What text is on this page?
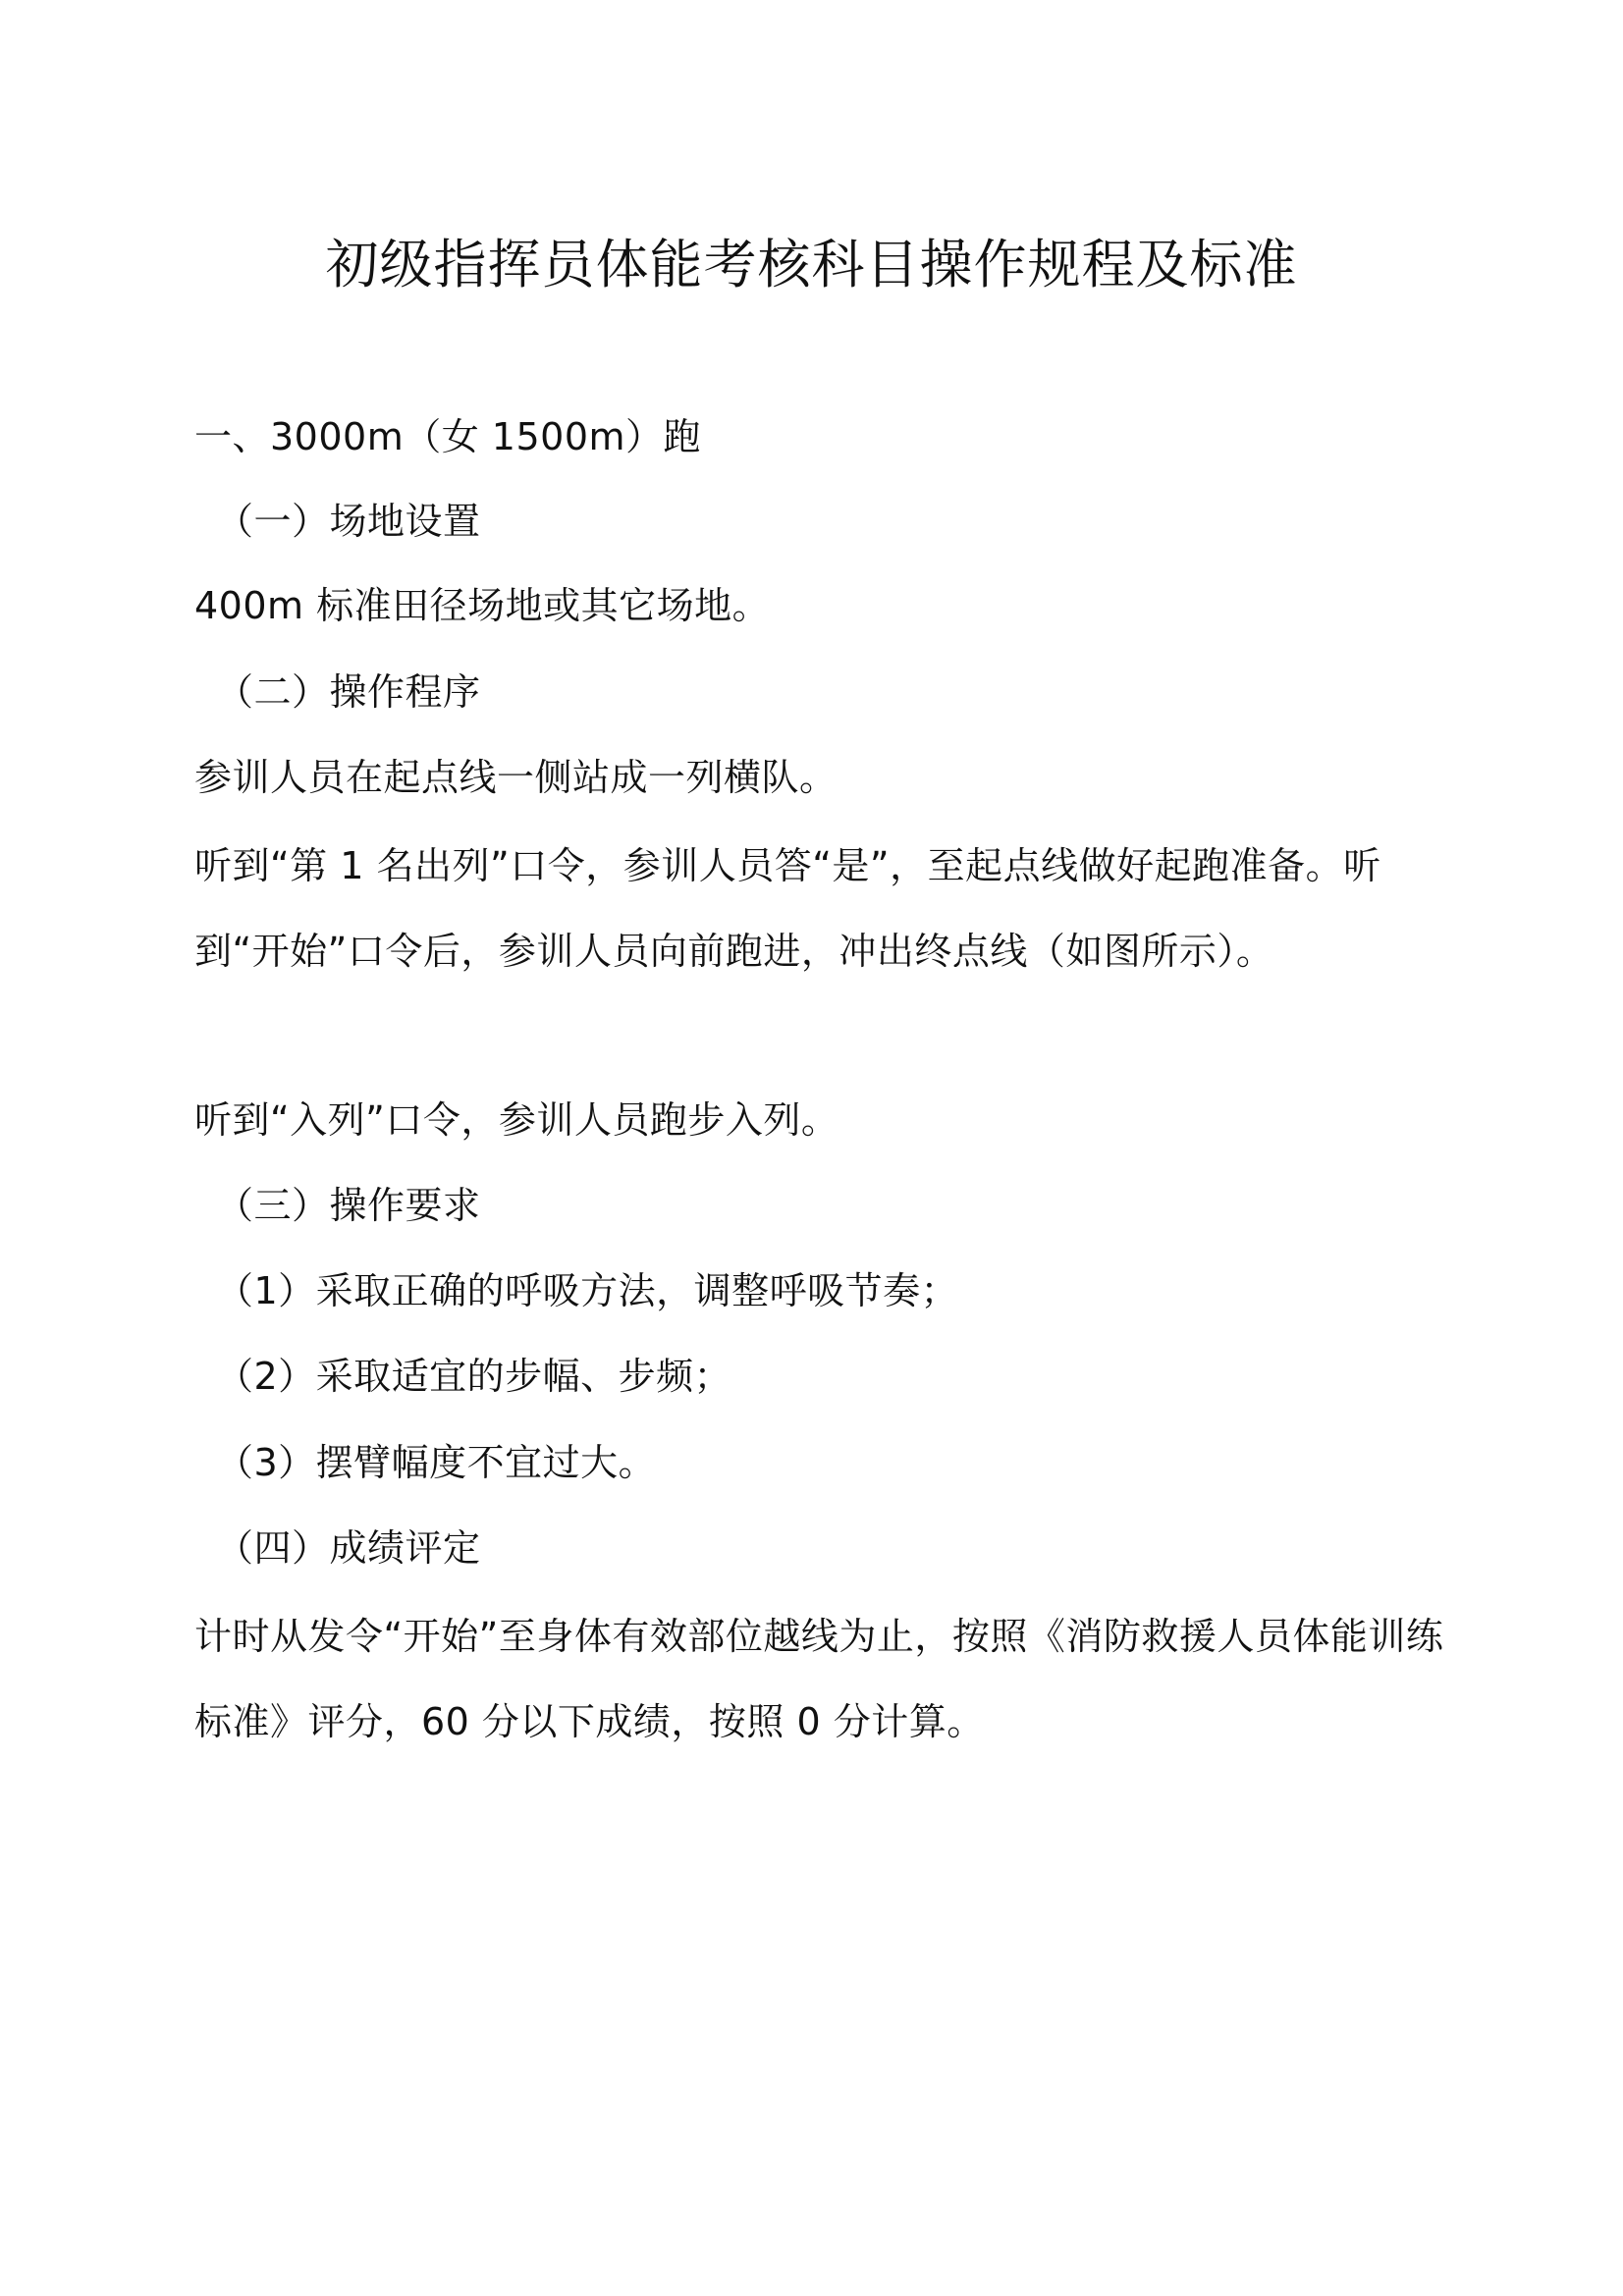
初级指挥员体能考核科目操作规程及标准
一、3000m（女 1500m）跑
（一）场地设置
400m 标准田径场地或其它场地。
（二）操作程序
参训人员在起点线一侧站成一列横队。
听到“第 1 名出列”口令，参训人员答“是”，至起点线做好起跑准备。听到“开始”口令后，参训人员向前跑进，冲出终点线（如图所示）。
听到“入列”口令，参训人员跑步入列。
（三）操作要求
（1）采取正确的呼吸方法，调整呼吸节奏；
（2）采取适宜的步幅、步频；
（3）摆臂幅度不宜过大。
（四）成绩评定
计时从发令“开始”至身体有效部位越线为止，按照《消防救援人员体能训练标准》评分，60 分以下成绩，按照 0 分计算。
